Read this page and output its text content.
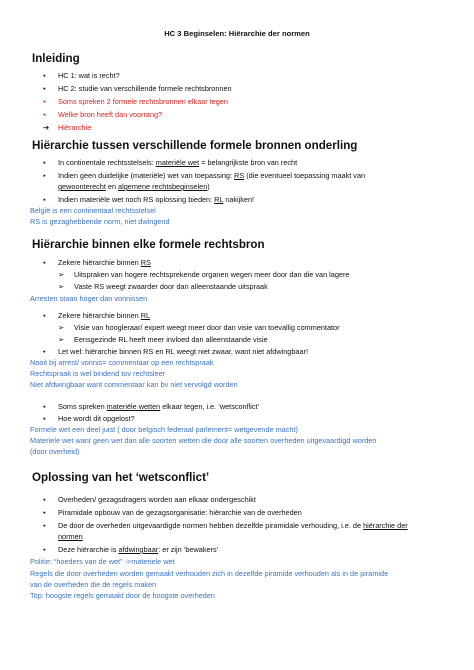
HC 3 Beginselen: Hiërarchie der normen
Inleiding
▪ HC 1: wat is recht?
▪ HC 2: studie van verschillende formele rechtsbronnen
▪ Soms spreken 2 formele rechtsbronnen elkaar tegen
▪ Welke bron heeft dan voorrang?
➔ Hiërarchie
Hiërarchie tussen verschillende formele bronnen onderling
▪ In continentale rechtsstelsels: materiële wet = belangrijkste bron van recht
▪ Indien geen duidelijke (materiële) wet van toepassing: RS (die eventueel toepassing maakt van
gewoonterecht en algemene rechtsbeginselen)
▪ Indien materiële wet noch RS oplossing bieden: RL nakijken!
België is een continentaal rechtsstelsel
RS is gezaghebbende norm, niet dwingend
Hiërarchie binnen elke formele rechtsbron
▪ Zekere hiërarchie binnen RS
➢ Uitspraken van hogere rechtsprekende organen wegen meer door dan die van lagere
➢ Vaste RS weegt zwaarder door dan alleenstaande uitspraak
Arresten staan hoger dan vonnissen
▪ Zekere hiërarchie binnen RL
➢ Visie van hoogleraar/ expert weegt meer door dan visie van toevallig commentator
➢ Eensgezinde RL heeft meer invloed dan alleenstaande visie
• Let wel: hiërarchie binnen RS en RL weegt niet zwaar, want niet afdwingbaar!
Nooit bij arrest/ vonnis= commentaar op een rechtspraak
Rechtspraak is wel bindend tov rechtsleer
Niet afdwingbaar want commentaar kan bv niet vervolgd worden
▪ Soms spreken materiële wetten elkaar tegen, i.e. ‘wetsconflict’
▪ Hoe wordt dit opgelost?
Formele wet een deel juist ( door belgisch federaal parlement= wetgevende macht)
Materiele wet want geen wet dan alle soorten wetten die door alle soorten overheden uitgevaardigd worden
(door overheid)
Oplossing van het ‘wetsconflict’
▪ Overheden/ gezagsdragers worden aan elkaar ondergeschikt
▪ Piramidale opbouw van de gezagsorganisatie: hiërarchie van de overheden
▪ De door de overheden uitgevaardigde normen hebben dezelfde piramidale verhouding, i.e. de hiërarchie der
normen
▪ Deze hiërarchie is afdwingbaar: er zijn ‘bewakers’
Politie: “hoeders van de wet” ->materiele wet
Regels die door overheden worden gemaakt verhouden zich in dezelfde piramide verhouden als in de piramide
van de overheden die de regels maken
Top: hoogste regels gemaakt door de hoogste overheden
